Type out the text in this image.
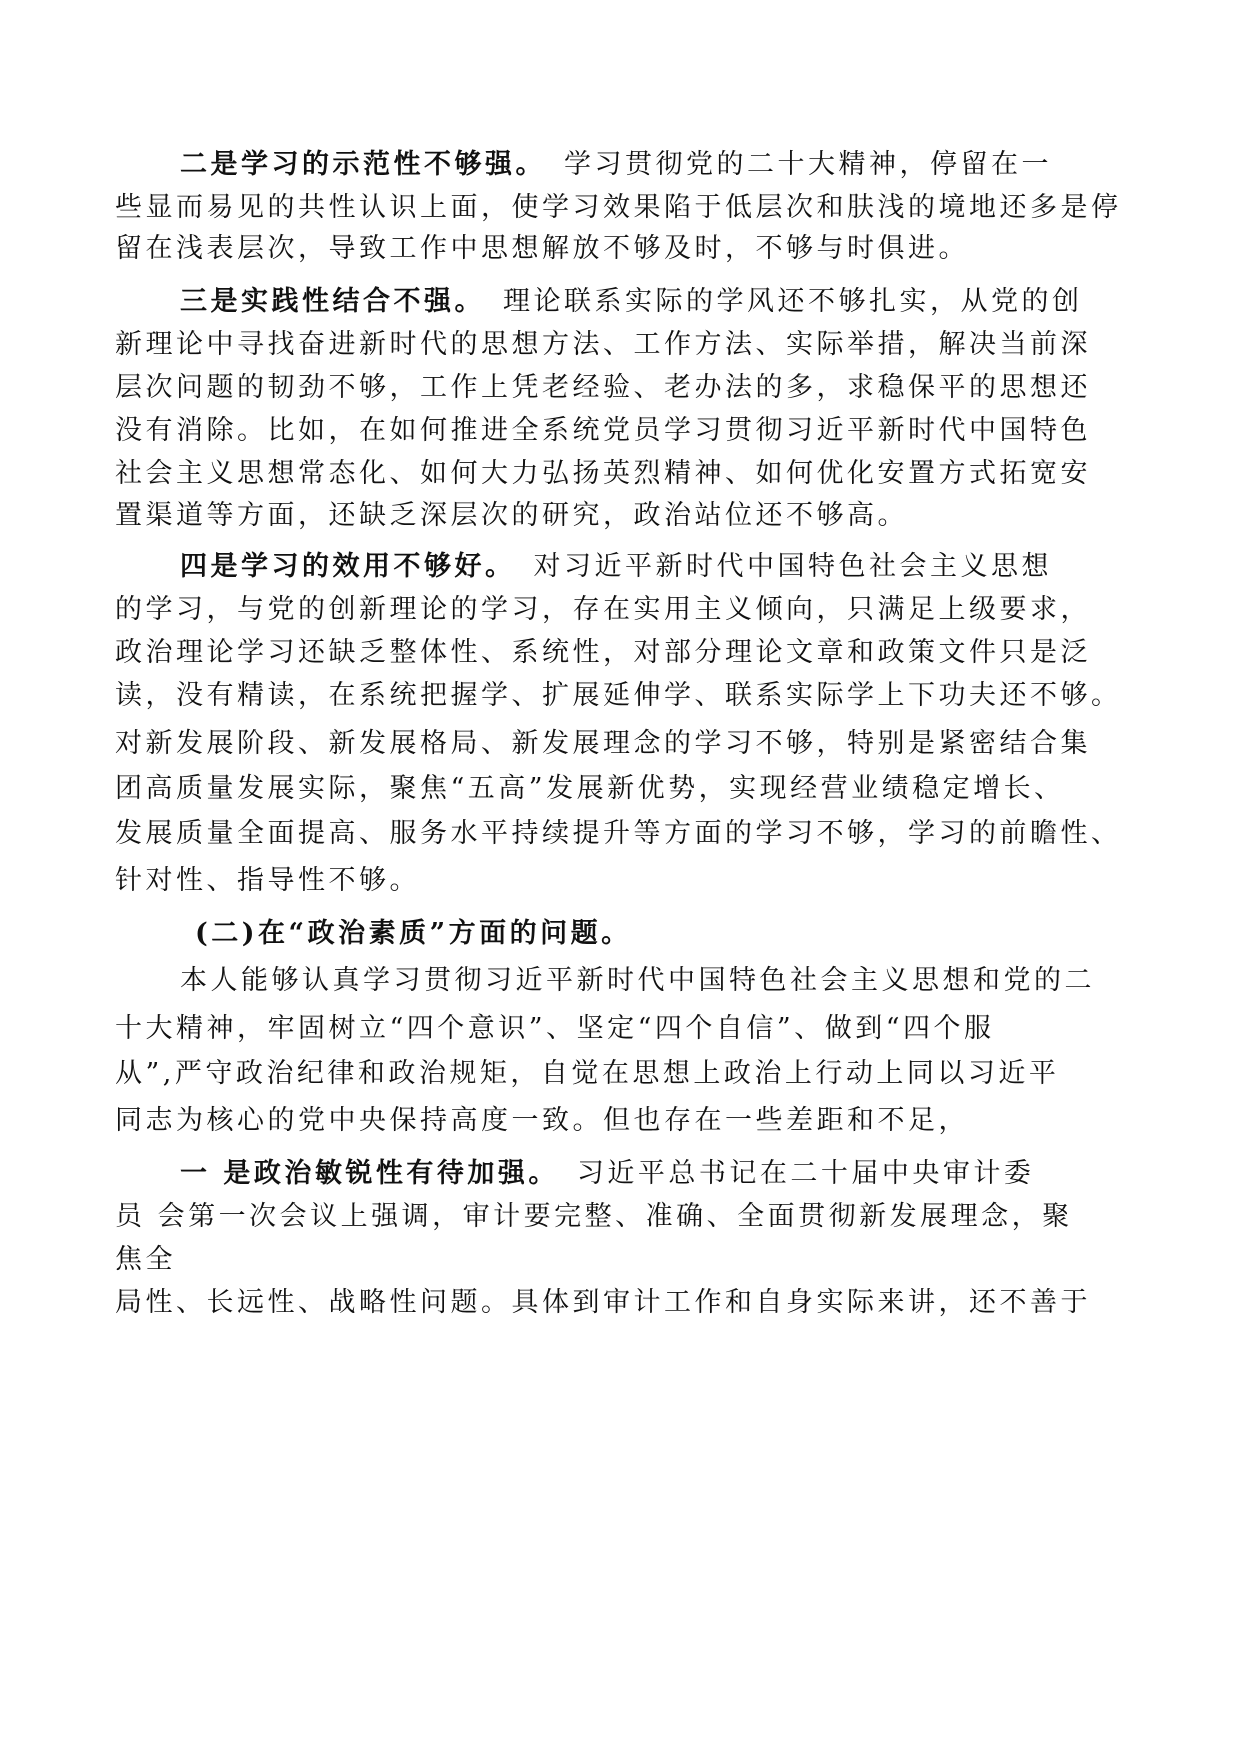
二是学习的示范性不够强。 学习贯彻党的二十大精神，停留在一

些显而易见的共性认识上面，使学习效果陷于低层次和肤浅的境地还多是停

留在浅表层次，导致工作中思想解放不够及时，不够与时俱进。

三是实践性结合不强。 理论联系实际的学风还不够扎实，从党的创

新理论中寻找奋进新时代的思想方法、工作方法、实际举措，解决当前深

层次问题的韧劲不够，工作上凭老经验、老办法的多，求稳保平的思想还

没有消除。比如，在如何推进全系统党员学习贯彻习近平新时代中国特色

社会主义思想常态化、如何大力弘扬英烈精神、如何优化安置方式拓宽安

置渠道等方面，还缺乏深层次的研究，政治站位还不够高。

四是学习的效用不够好。 对习近平新时代中国特色社会主义思想

的学习，与党的创新理论的学习，存在实用主义倾向，只满足上级要求，

政治理论学习还缺乏整体性、系统性，对部分理论文章和政策文件只是泛

读，没有精读，在系统把握学、扩展延伸学、联系实际学上下功夫还不够。

对新发展阶段、新发展格局、新发展理念的学习不够，特别是紧密结合集

团高质量发展实际，聚焦“五高”发展新优势，实现经营业绩稳定增长、

发展质量全面提高、服务水平持续提升等方面的学习不够，学习的前瞻性、

针对性、指导性不够。

(二)在“政治素质”方面的问题。

本人能够认真学习贯彻习近平新时代中国特色社会主义思想和党的二

十大精神，牢固树立“四个意识”、坚定“四个自信”、做到“四个服

从”,严守政治纪律和政治规矩，自觉在思想上政治上行动上同以习近平

同志为核心的党中央保持高度一致。但也存在一些差距和不足，

一 是政治敏锐性有待加强。 习近平总书记在二十届中央审计委

员 会第一次会议上强调，审计要完整、准确、全面贯彻新发展理念，聚

焦全

局性、长远性、战略性问题。具体到审计工作和自身实际来讲，还不善于
